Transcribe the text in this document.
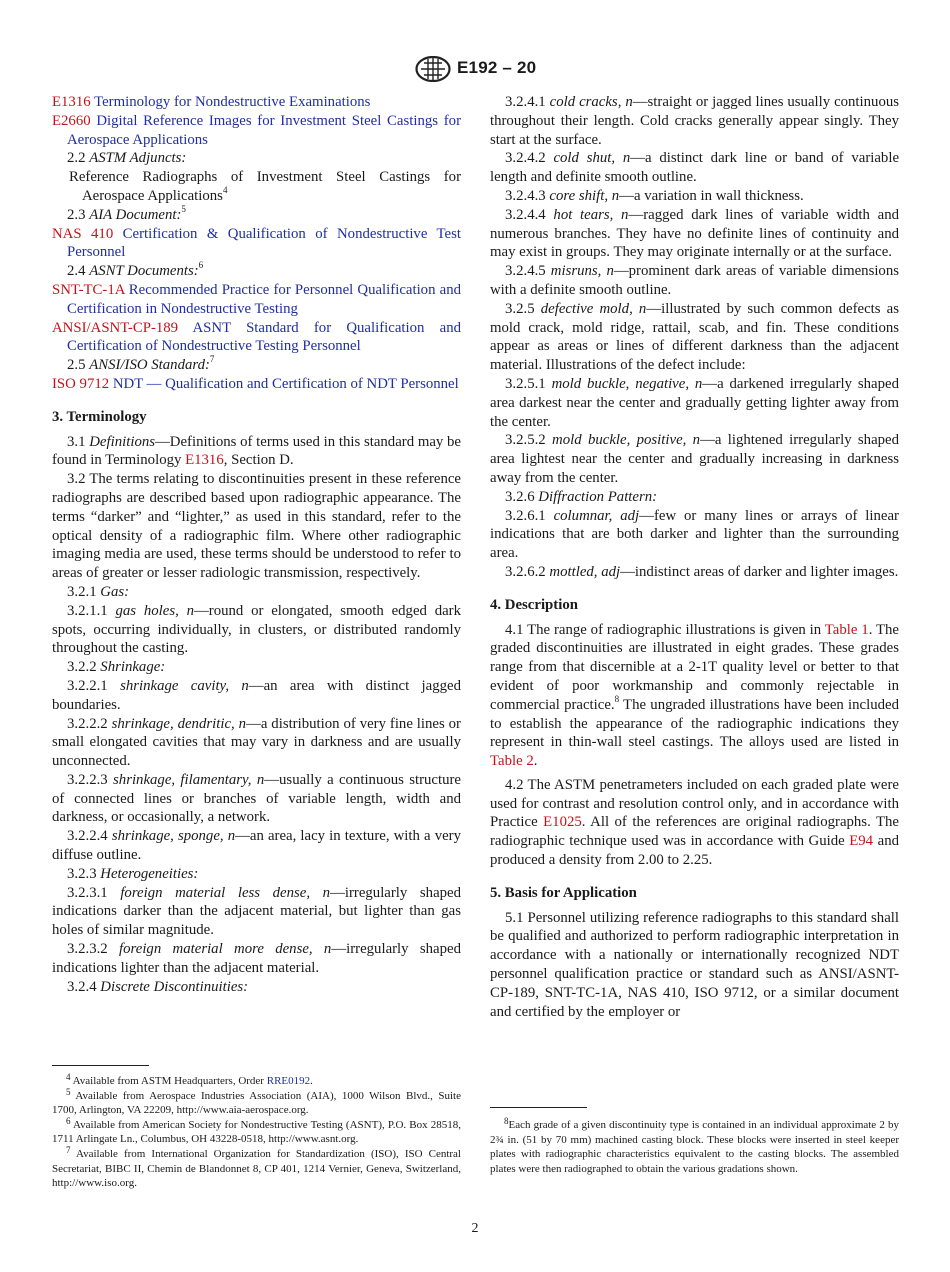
E192 – 20

E1316 Terminology for Nondestructive Examinations

E2660 Digital Reference Images for Investment Steel Castings for Aerospace Applications

2.2 ASTM Adjuncts:

Reference Radiographs of Investment Steel Castings for Aerospace Applications$^4$

2.3 AIA Document:$^5$

NAS 410 Certification & Qualification of Nondestructive Test Personnel

2.4 ASNT Documents:$^6$

SNT-TC-1A Recommended Practice for Personnel Qualification and Certification in Nondestructive Testing

ANSI/ASNT-CP-189 ASNT Standard for Qualification and Certification of Nondestructive Testing Personnel

2.5 ANSI/ISO Standard:$^7$

ISO 9712 NDT — Qualification and Certification of NDT Personnel

3. Terminology

3.1 Definitions—Definitions of terms used in this standard may be found in Terminology E1316, Section D.

3.2 The terms relating to discontinuities present in these reference radiographs are described based upon radiographic appearance. The terms “darker” and “lighter,” as used in this standard, refer to the optical density of a radiographic film. Where other radiographic imaging media are used, these terms should be understood to refer to areas of greater or lesser radiologic transmission, respectively.

3.2.1 Gas:

3.2.1.1 gas holes, n—round or elongated, smooth edged dark spots, occurring individually, in clusters, or distributed randomly throughout the casting.

3.2.2 Shrinkage:

3.2.2.1 shrinkage cavity, n—an area with distinct jagged boundaries.

3.2.2.2 shrinkage, dendritic, n—a distribution of very fine lines or small elongated cavities that may vary in darkness and are usually unconnected.

3.2.2.3 shrinkage, filamentary, n—usually a continuous structure of connected lines or branches of variable length, width and darkness, or occasionally, a network.

3.2.2.4 shrinkage, sponge, n—an area, lacy in texture, with a very diffuse outline.

3.2.3 Heterogeneities:

3.2.3.1 foreign material less dense, n—irregularly shaped indications darker than the adjacent material, but lighter than gas holes of similar magnitude.

3.2.3.2 foreign material more dense, n—irregularly shaped indications lighter than the adjacent material.

3.2.4 Discrete Discontinuities:

3.2.4.1 cold cracks, n—straight or jagged lines usually continuous throughout their length. Cold cracks generally appear singly. They start at the surface.

3.2.4.2 cold shut, n—a distinct dark line or band of variable length and definite smooth outline.

3.2.4.3 core shift, n—a variation in wall thickness.

3.2.4.4 hot tears, n—ragged dark lines of variable width and numerous branches. They have no definite lines of continuity and may exist in groups. They may originate internally or at the surface.

3.2.4.5 misruns, n—prominent dark areas of variable dimensions with a definite smooth outline.

3.2.5 defective mold, n—illustrated by such common defects as mold crack, mold ridge, rattail, scab, and fin. These conditions appear as areas or lines of different darkness than the adjacent material. Illustrations of the defect include:

3.2.5.1 mold buckle, negative, n—a darkened irregularly shaped area darkest near the center and gradually getting lighter away from the center.

3.2.5.2 mold buckle, positive, n—a lightened irregularly shaped area lightest near the center and gradually increasing in darkness away from the center.

3.2.6 Diffraction Pattern:

3.2.6.1 columnar, adj—few or many lines or arrays of linear indications that are both darker and lighter than the surrounding area.

3.2.6.2 mottled, adj—indistinct areas of darker and lighter images.

4. Description

4.1 The range of radiographic illustrations is given in Table 1. The graded discontinuities are illustrated in eight grades. These grades range from that discernible at a 2-1T quality level or better to that evident of poor workmanship and commonly rejectable in commercial practice.$^8$ The ungraded illustrations have been included to establish the appearance of the radiographic indications they represent in thin-wall steel castings. The alloys used are listed in Table 2.

4.2 The ASTM penetrameters included on each graded plate were used for contrast and resolution control only, and in accordance with Practice E1025. All of the references are original radiographs. The radiographic technique used was in accordance with Guide E94 and produced a density from 2.00 to 2.25.

5. Basis for Application

5.1 Personnel utilizing reference radiographs to this standard shall be qualified and authorized to perform radiographic interpretation in accordance with a nationally or internationally recognized NDT personnel qualification practice or standard such as ANSI/ASNT-CP-189, SNT-TC-1A, NAS 410, ISO 9712, or a similar document and certified by the employer or

$^4$ Available from ASTM Headquarters, Order RRE0192.

$^5$ Available from Aerospace Industries Association (AIA), 1000 Wilson Blvd., Suite 1700, Arlington, VA 22209, http://www.aia-aerospace.org.

$^6$ Available from American Society for Nondestructive Testing (ASNT), P.O. Box 28518, 1711 Arlingate Ln., Columbus, OH 43228-0518, http://www.asnt.org.

$^7$ Available from International Organization for Standardization (ISO), ISO Central Secretariat, BIBC II, Chemin de Blandonnet 8, CP 401, 1214 Vernier, Geneva, Switzerland, http://www.iso.org.

$^8$Each grade of a given discontinuity type is contained in an individual approximate 2 by 2¾ in. (51 by 70 mm) machined casting block. These blocks were inserted in steel keeper plates with radiographic characteristics equivalent to the casting blocks. The assembled plates were then radiographed to obtain the various gradations shown.

2
